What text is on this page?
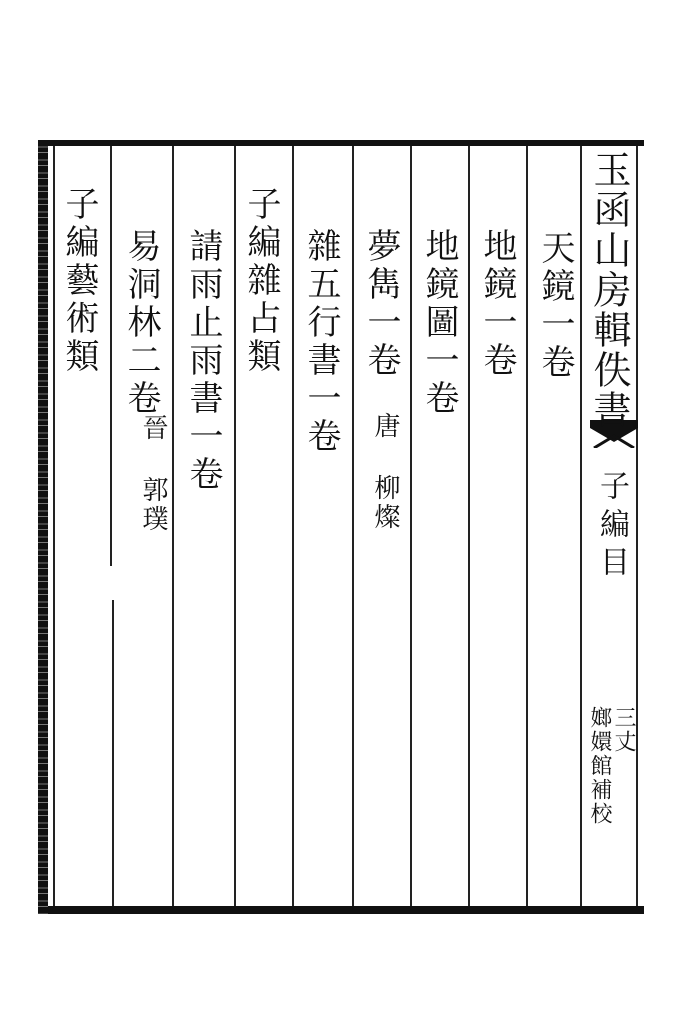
玉函山房輯佚書
子編目
三丈
嫏嬛館補校
天鏡一卷
地鏡一卷
地鏡圖一卷
夢雋一卷
唐 柳燦
雜五行書一卷
子編雜占類
請雨止雨書一卷
易洞林二卷
晉 郭璞
子編藝術類
